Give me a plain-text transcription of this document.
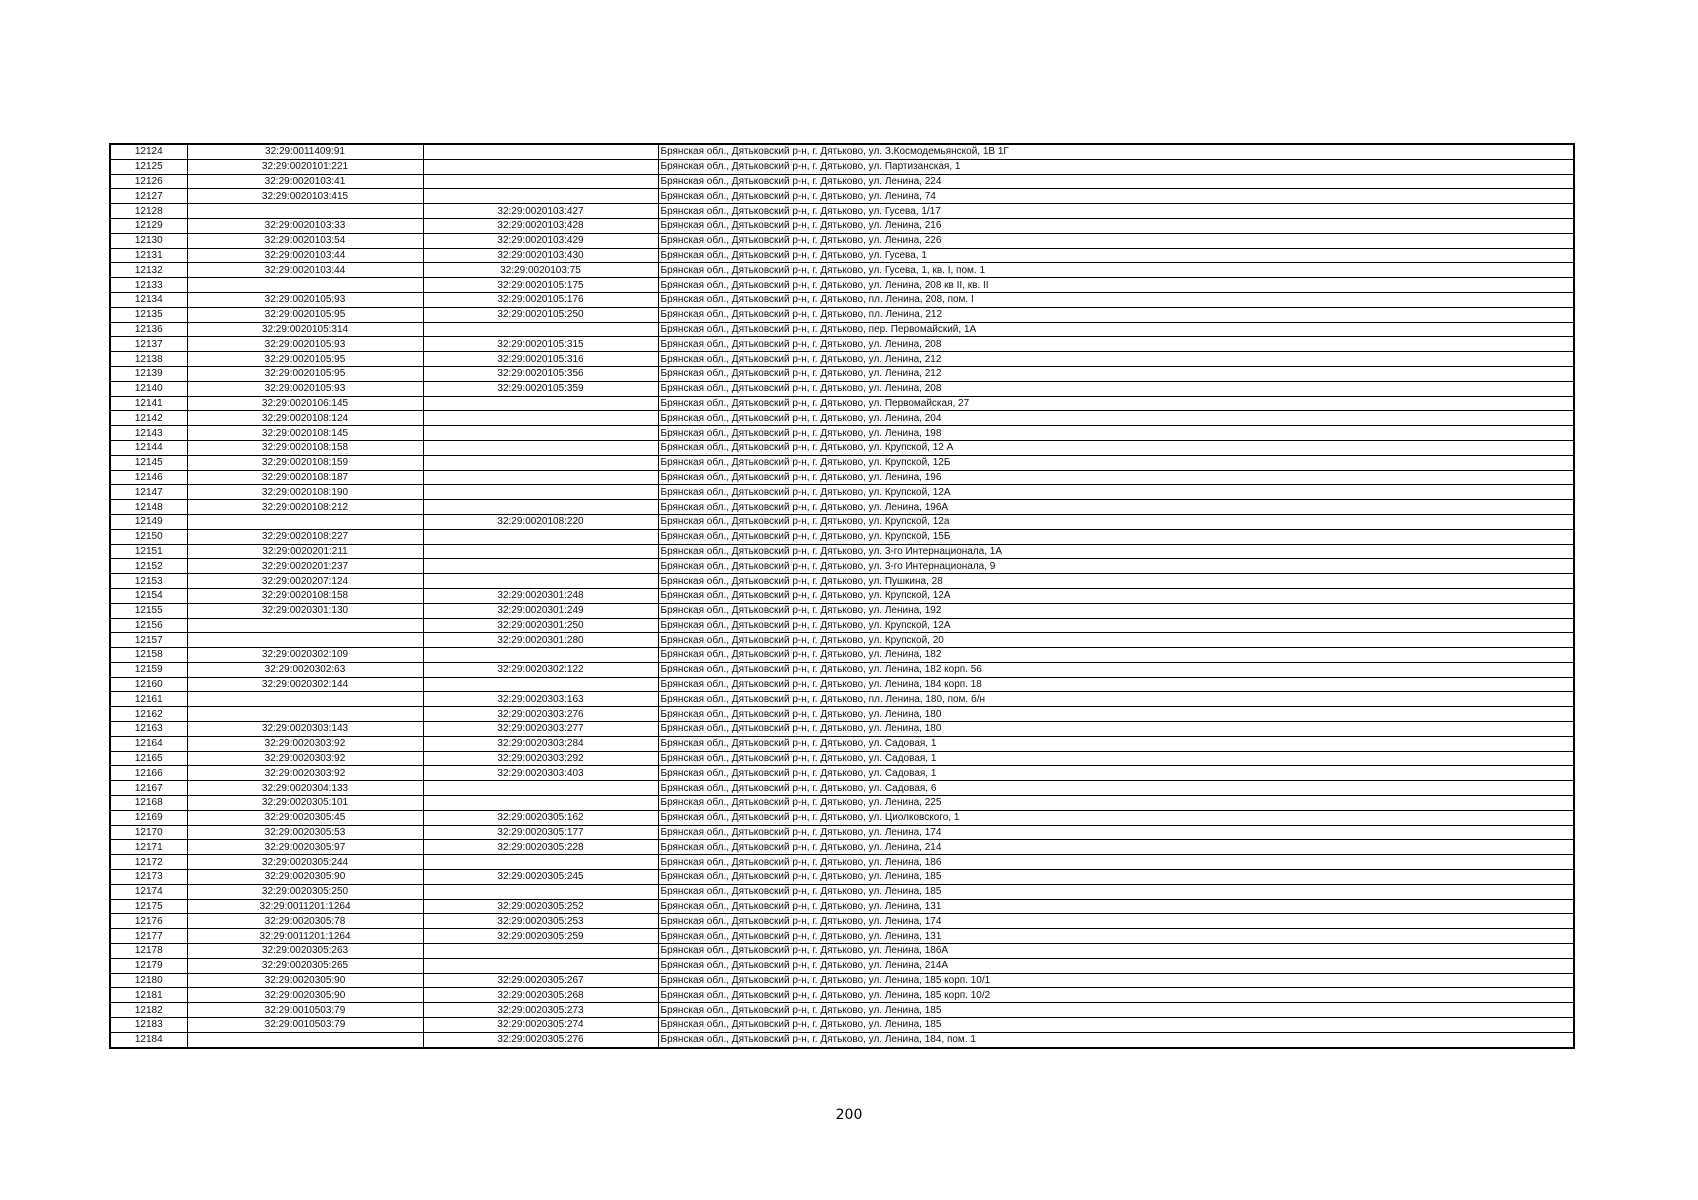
12124	32:29:0011409:91		Брянская обл., Дятьковский р-н, г. Дятьково, ул. З.Космодемьянской, 1В 1Г
12125	32:29:0020101:221		Брянская обл., Дятьковский р-н, г. Дятьково, ул. Партизанская, 1
12126	32:29:0020103:41		Брянская обл., Дятьковский р-н, г. Дятьково, ул. Ленина, 224
12127	32:29:0020103:415		Брянская обл., Дятьковский р-н, г. Дятьково, ул. Ленина, 74
12128		32:29:0020103:427	Брянская обл., Дятьковский р-н, г. Дятьково, ул. Гусева, 1/17
12129	32:29:0020103:33	32:29:0020103:428	Брянская обл., Дятьковский р-н, г. Дятьково, ул. Ленина, 216
12130	32:29:0020103:54	32:29:0020103:429	Брянская обл., Дятьковский р-н, г. Дятьково, ул. Ленина, 226
12131	32:29:0020103:44	32:29:0020103:430	Брянская обл., Дятьковский р-н, г. Дятьково, ул. Гусева, 1
12132	32:29:0020103:44	32:29:0020103:75	Брянская обл., Дятьковский р-н, г. Дятьково, ул. Гусева, 1, кв. I, пом. 1
12133		32:29:0020105:175	Брянская обл., Дятьковский р-н, г. Дятьково, ул. Ленина, 208 кв II, кв. II
12134	32:29:0020105:93	32:29:0020105:176	Брянская обл., Дятьковский р-н, г. Дятьково, пл. Ленина, 208, пом. I
12135	32:29:0020105:95	32:29:0020105:250	Брянская обл., Дятьковский р-н, г. Дятьково, пл. Ленина, 212
12136	32:29:0020105:314		Брянская обл., Дятьковский р-н, г. Дятьково, пер. Первомайский, 1А
12137	32:29:0020105:93	32:29:0020105:315	Брянская обл., Дятьковский р-н, г. Дятьково, ул. Ленина, 208
12138	32:29:0020105:95	32:29:0020105:316	Брянская обл., Дятьковский р-н, г. Дятьково, ул. Ленина, 212
12139	32:29:0020105:95	32:29:0020105:356	Брянская обл., Дятьковский р-н, г. Дятьково, ул. Ленина, 212
12140	32:29:0020105:93	32:29:0020105:359	Брянская обл., Дятьковский р-н, г. Дятьково, ул. Ленина, 208
12141	32:29:0020106:145		Брянская обл., Дятьковский р-н, г. Дятьково, ул. Первомайская, 27
12142	32:29:0020108:124		Брянская обл., Дятьковский р-н, г. Дятьково, ул. Ленина, 204
12143	32:29:0020108:145		Брянская обл., Дятьковский р-н, г. Дятьково, ул. Ленина, 198
12144	32:29:0020108:158		Брянская обл., Дятьковский р-н, г. Дятьково, ул. Крупской, 12 А
12145	32:29:0020108:159		Брянская обл., Дятьковский р-н, г. Дятьково, ул. Крупской, 12Б
12146	32:29:0020108:187		Брянская обл., Дятьковский р-н, г. Дятьково, ул. Ленина, 196
12147	32:29:0020108:190		Брянская обл., Дятьковский р-н, г. Дятьково, ул. Крупской, 12А
12148	32:29:0020108:212		Брянская обл., Дятьковский р-н, г. Дятьково, ул. Ленина, 196А
12149		32:29:0020108:220	Брянская обл., Дятьковский р-н, г. Дятьково, ул. Крупской, 12а
12150	32:29:0020108:227		Брянская обл., Дятьковский р-н, г. Дятьково, ул. Крупской, 15Б
12151	32:29:0020201:211		Брянская обл., Дятьковский р-н, г. Дятьково, ул. 3-го Интернационала, 1А
12152	32:29:0020201:237		Брянская обл., Дятьковский р-н, г. Дятьково, ул. 3-го Интернационала, 9
12153	32:29:0020207:124		Брянская обл., Дятьковский р-н, г. Дятьково, ул. Пушкина, 28
12154	32:29:0020108:158	32:29:0020301:248	Брянская обл., Дятьковский р-н, г. Дятьково, ул. Крупской, 12А
12155	32:29:0020301:130	32:29:0020301:249	Брянская обл., Дятьковский р-н, г. Дятьково, ул. Ленина, 192
12156		32:29:0020301:250	Брянская обл., Дятьковский р-н, г. Дятьково, ул. Крупской, 12А
12157		32:29:0020301:280	Брянская обл., Дятьковский р-н, г. Дятьково, ул. Крупской, 20
12158	32:29:0020302:109		Брянская обл., Дятьковский р-н, г. Дятьково, ул. Ленина, 182
12159	32:29:0020302:63	32:29:0020302:122	Брянская обл., Дятьковский р-н, г. Дятьково, ул. Ленина, 182 корп. 56
12160	32:29:0020302:144		Брянская обл., Дятьковский р-н, г. Дятьково, ул. Ленина, 184 корп. 18
12161		32:29:0020303:163	Брянская обл., Дятьковский р-н, г. Дятьково, пл. Ленина, 180, пом. б/н
12162		32:29:0020303:276	Брянская обл., Дятьковский р-н, г. Дятьково, ул. Ленина, 180
12163	32:29:0020303:143	32:29:0020303:277	Брянская обл., Дятьковский р-н, г. Дятьково, ул. Ленина, 180
12164	32:29:0020303:92	32:29:0020303:284	Брянская обл., Дятьковский р-н, г. Дятьково, ул. Садовая, 1
12165	32:29:0020303:92	32:29:0020303:292	Брянская обл., Дятьковский р-н, г. Дятьково, ул. Садовая, 1
12166	32:29:0020303:92	32:29:0020303:403	Брянская обл., Дятьковский р-н, г. Дятьково, ул. Садовая, 1
12167	32:29:0020304:133		Брянская обл., Дятьковский р-н, г. Дятьково, ул. Садовая, 6
12168	32:29:0020305:101		Брянская обл., Дятьковский р-н, г. Дятьково, ул. Ленина, 225
12169	32:29:0020305:45	32:29:0020305:162	Брянская обл., Дятьковский р-н, г. Дятьково, ул. Циолковского, 1
12170	32:29:0020305:53	32:29:0020305:177	Брянская обл., Дятьковский р-н, г. Дятьково, ул. Ленина, 174
12171	32:29:0020305:97	32:29:0020305:228	Брянская обл., Дятьковский р-н, г. Дятьково, ул. Ленина, 214
12172	32:29:0020305:244		Брянская обл., Дятьковский р-н, г. Дятьково, ул. Ленина, 186
12173	32:29:0020305:90	32:29:0020305:245	Брянская обл., Дятьковский р-н, г. Дятьково, ул. Ленина, 185
12174	32:29:0020305:250		Брянская обл., Дятьковский р-н, г. Дятьково, ул. Ленина, 185
12175	32:29:0011201:1264	32:29:0020305:252	Брянская обл., Дятьковский р-н, г. Дятьково, ул. Ленина, 131
12176	32:29:0020305:78	32:29:0020305:253	Брянская обл., Дятьковский р-н, г. Дятьково, ул. Ленина, 174
12177	32:29:0011201:1264	32:29:0020305:259	Брянская обл., Дятьковский р-н, г. Дятьково, ул. Ленина, 131
12178	32:29:0020305:263		Брянская обл., Дятьковский р-н, г. Дятьково, ул. Ленина, 186А
12179	32:29:0020305:265		Брянская обл., Дятьковский р-н, г. Дятьково, ул. Ленина, 214А
12180	32:29:0020305:90	32:29:0020305:267	Брянская обл., Дятьковский р-н, г. Дятьково, ул. Ленина, 185 корп. 10/1
12181	32:29:0020305:90	32:29:0020305:268	Брянская обл., Дятьковский р-н, г. Дятьково, ул. Ленина, 185 корп. 10/2
12182	32:29:0010503:79	32:29:0020305:273	Брянская обл., Дятьковский р-н, г. Дятьково, ул. Ленина, 185
12183	32:29:0010503:79	32:29:0020305:274	Брянская обл., Дятьковский р-н, г. Дятьково, ул. Ленина, 185
12184		32:29:0020305:276	Брянская обл., Дятьковский р-н, г. Дятьково, ул. Ленина, 184, пом. 1
200
